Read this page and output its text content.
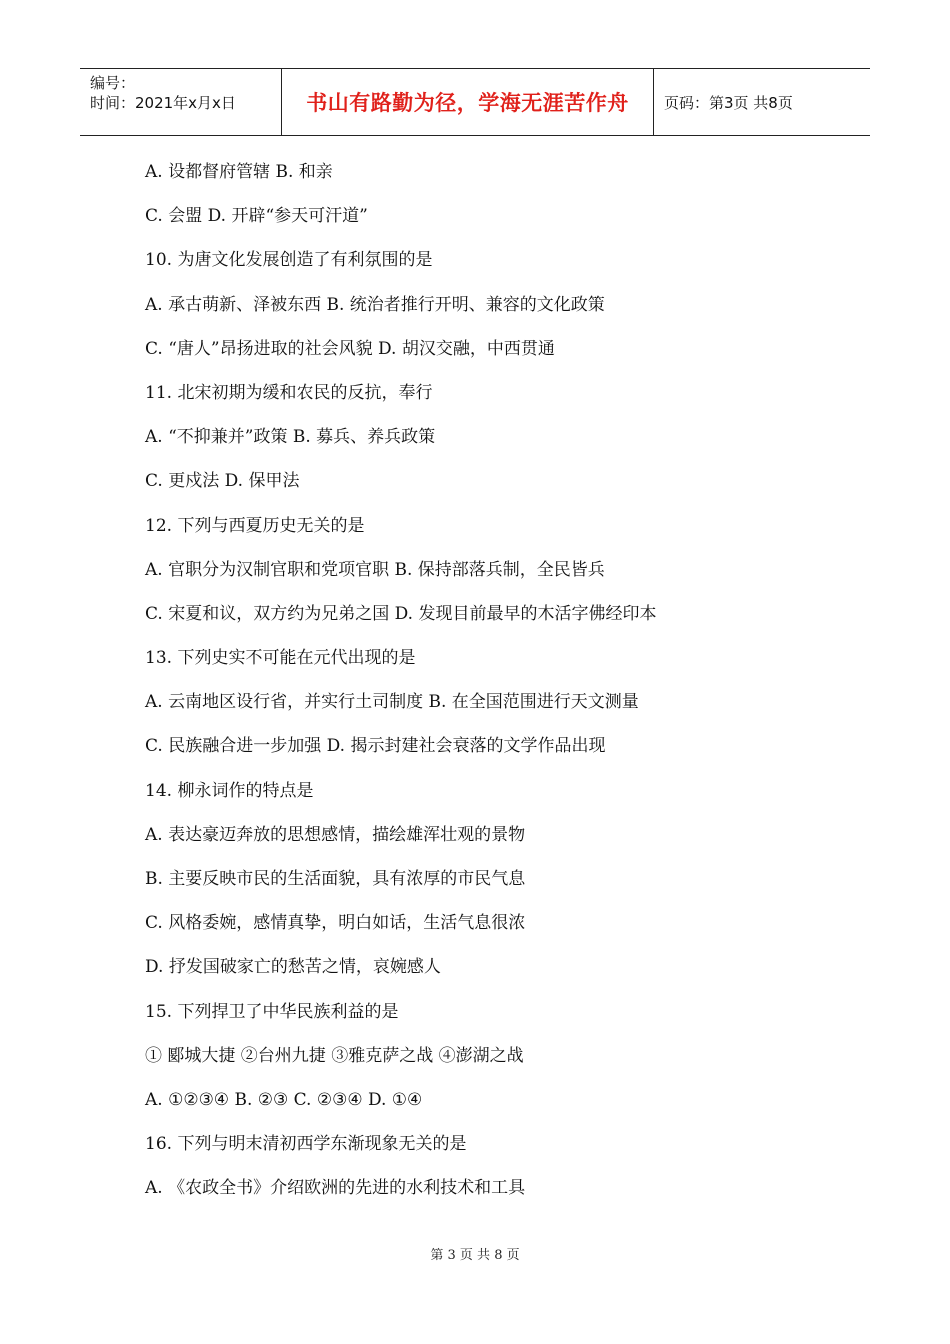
编号：
时间：2021年x月x日	书山有路勤为径，学海无涯苦作舟	页码：第3页 共8页
A. 设都督府管辖 B. 和亲
C. 会盟 D. 开辟“参天可汗道”
10. 为唐文化发展创造了有利氛围的是
A. 承古萌新、泽被东西 B. 统治者推行开明、兼容的文化政策
C. “唐人”昂扬进取的社会风貌 D. 胡汉交融，中西贯通
11. 北宋初期为缓和农民的反抗，奉行
A. “不抑兼并”政策 B. 募兵、养兵政策
C. 更戍法 D. 保甲法
12. 下列与西夏历史无关的是
A. 官职分为汉制官职和党项官职 B. 保持部落兵制，全民皆兵
C. 宋夏和议，双方约为兄弟之国 D. 发现目前最早的木活字佛经印本
13. 下列史实不可能在元代出现的是
A. 云南地区设行省，并实行土司制度 B. 在全国范围进行天文测量
C. 民族融合进一步加强 D. 揭示封建社会衰落的文学作品出现
14. 柳永词作的特点是
A. 表达豪迈奔放的思想感情，描绘雄浑壮观的景物
B. 主要反映市民的生活面貌，具有浓厚的市民气息
C. 风格委婉，感情真挚，明白如话，生活气息很浓
D. 抒发国破家亡的愁苦之情，哀婉感人
15. 下列捍卫了中华民族利益的是
① 郾城大捷 ②台州九捷 ③雅克萨之战 ④澎湖之战
A. ①②③④ B. ②③ C. ②③④ D. ①④
16. 下列与明末清初西学东渐现象无关的是
A. 《农政全书》介绍欧洲的先进的水利技术和工具
第 3 页 共 8 页
